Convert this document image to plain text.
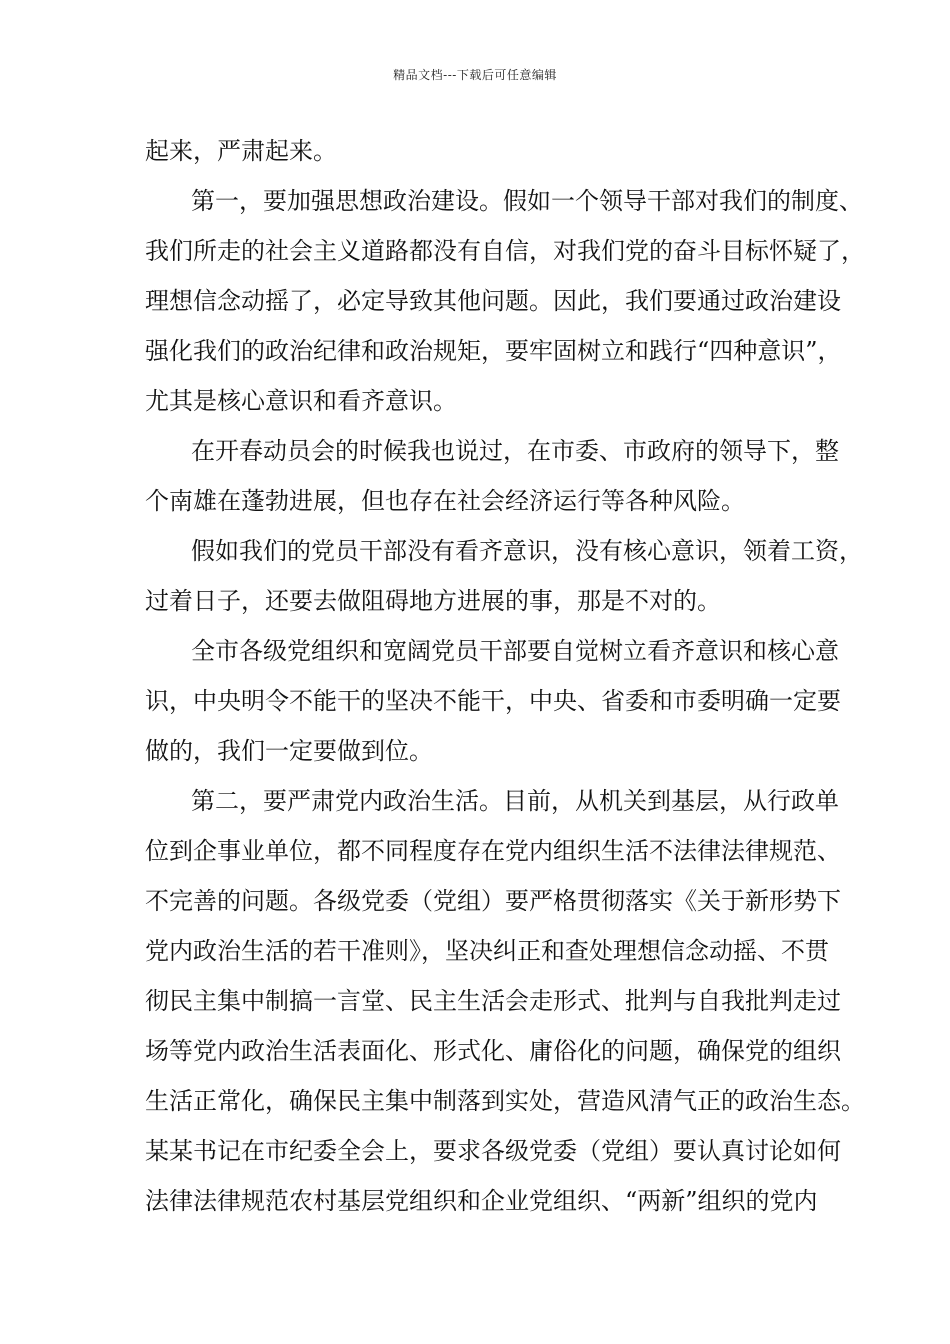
精品文档---下载后可任意编辑
起来，严肃起来。
第一，要加强思想政治建设。假如一个领导干部对我们的制度、
我们所走的社会主义道路都没有自信，对我们党的奋斗目标怀疑了，
理想信念动摇了，必定导致其他问题。因此，我们要通过政治建设
强化我们的政治纪律和政治规矩，要牢固树立和践行“四种意识”，
尤其是核心意识和看齐意识。
在开春动员会的时候我也说过，在市委、市政府的领导下，整
个南雄在蓬勃进展，但也存在社会经济运行等各种风险。
假如我们的党员干部没有看齐意识，没有核心意识，领着工资，
过着日子，还要去做阻碍地方进展的事，那是不对的。
全市各级党组织和宽阔党员干部要自觉树立看齐意识和核心意
识，中央明令不能干的坚决不能干，中央、省委和市委明确一定要
做的，我们一定要做到位。
第二，要严肃党内政治生活。目前，从机关到基层，从行政单
位到企事业单位，都不同程度存在党内组织生活不法律法律规范、
不完善的问题。各级党委（党组）要严格贯彻落实《关于新形势下
党内政治生活的若干准则》，坚决纠正和查处理想信念动摇、不贯
彻民主集中制搞一言堂、民主生活会走形式、批判与自我批判走过
场等党内政治生活表面化、形式化、庸俗化的问题，确保党的组织
生活正常化，确保民主集中制落到实处，营造风清气正的政治生态。
某某书记在市纪委全会上，要求各级党委（党组）要认真讨论如何
法律法律规范农村基层党组织和企业党组织、“两新”组织的党内
